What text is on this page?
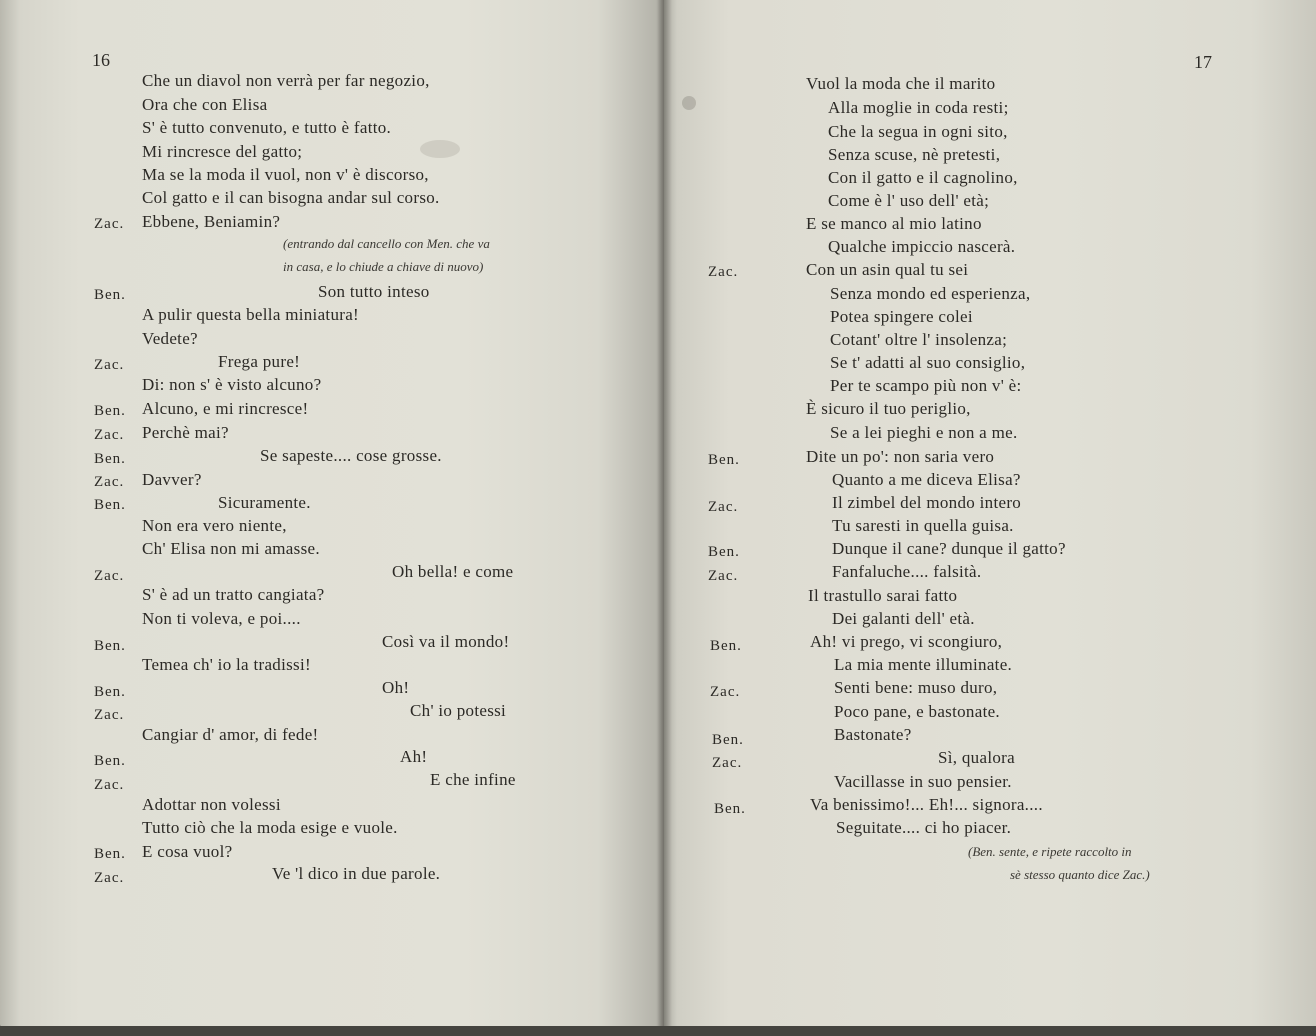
16
Che un diavol non verrà per far negozio,
Ora che con Elisa
S' è tutto convenuto, e tutto è fatto.
Mi rincresce del gatto;
Ma se la moda il vuol, non v' è discorso,
Col gatto e il can bisogna andar sul corso.
Zac. Ebbene, Beniamin?
(entrando dal cancello con Men. che va
in casa, e lo chiude a chiave di nuovo)
Ben.	Son tutto inteso
A pulir questa bella miniatura!
Vedete?
Zac.	Frega pure!
Di: non s' è visto alcuno?
Ben. Alcuno, e mi rincresce!
Zac. Perchè mai?
Ben.	Se sapeste.... cose grosse.
Zac. Davver?
Ben.	Sicuramente.
Non era vero niente,
Ch' Elisa non mi amasse.
Zac.	Oh bella! e come
S' è ad un tratto cangiata?
Non ti voleva, e poi....
Ben.	Così va il mondo!
Temea ch' io la tradissi!
Ben.	Oh!
Zac.	Ch' io potessi
Cangiar d' amor, di fede!
Ben.	Ah!
Zac.	E che infine
Adottar non volessi
Tutto ciò che la moda esige e vuole.
Ben. E cosa vuol?
Zac.	Ve 'l dico in due parole.
17
Vuol la moda che il marito
Alla moglie in coda resti;
Che la segua in ogni sito,
Senza scuse, nè pretesti,
Con il gatto e il cagnolino,
Come è l' uso dell' età;
E se manco al mio latino
Qualche impiccio nascerà.
Zac.	Con un asin qual tu sei
Senza mondo ed esperienza,
Potea spingere colei
Cotant' oltre l' insolenza;
Se t' adatti al suo consiglio,
Per te scampo più non v' è:
È sicuro il tuo periglio,
Se a lei pieghi e non a me.
Ben.	Dite un po': non saria vero
Quanto a me diceva Elisa?
Zac.	Il zimbel del mondo intero
Tu saresti in quella guisa.
Ben.	Dunque il cane? dunque il gatto?
Zac.	Fanfaluche.... falsità.
Il trastullo sarai fatto
Dei galanti dell' età.
Ben.	Ah! vi prego, vi scongiuro,
La mia mente illuminate.
Zac.	Senti bene: muso duro,
Poco pane, e bastonate.
Ben.	Bastonate?
Zac.	Sì, qualora
Vacillasse in suo pensier.
Ben.	Va benissimo!... Eh!... signora....
Seguitate.... ci ho piacer.
(Ben. sente, e ripete raccolto in
sè stesso quanto dice Zac.)
